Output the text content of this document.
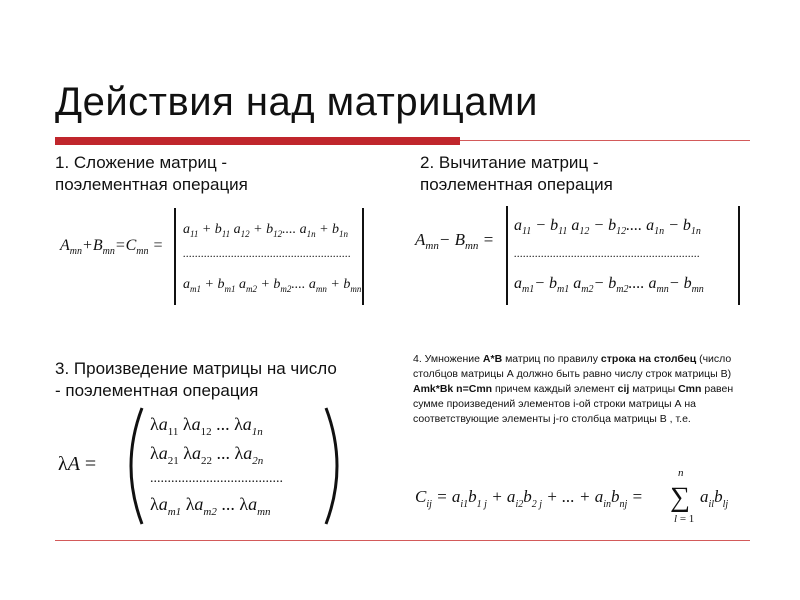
Действия над матрицами
1. Сложение матриц -
поэлементная операция
2. Вычитание матриц -
поэлементная операция
$A_{mn}+B_{mn}=C_{mn}$ =
$a_{11} + b_{11}$ $a_{12} + b_{12}$.... $a_{1n} + b_{1n}$
........................................................
$a_{m1} + b_{m1}$ $a_{m2} + b_{m2}$.... $a_{mn} + b_{mn}$
$A_{mn}- B_{mn}$ =
$a_{11} - b_{11}$ $a_{12} - b_{12}$.... $a_{1n} - b_{1n}$
..............................................................
$a_{m1}- b_{m1}$ $a_{m2}- b_{m2}$.... $a_{mn}- b_{mn}$
3. Произведение матрицы на число
- поэлементная операция
λA =
$\lambda a_{11}$ $\lambda a_{12}$ ... $\lambda a_{1n}$
$\lambda a_{21}$ $\lambda a_{22}$ ... $\lambda a_{2n}$
......................................
$\lambda a_{m1}$ $\lambda a_{m2}$ ... $\lambda a_{mn}$
4. Умножение А*В матриц по правилу строка на столбец (число столбцов матрицы А должно быть равно числу строк матрицы В)
Amk*Bk n=Cmn причем каждый элемент cij матрицы Cmn равен сумме произведений элементов i-ой строки матрицы А на соответствующие элементы j-го столбца матрицы В , т.е.
n
$C_{ij} = a_{i1}b_{1 j} + a_{i2}b_{2 j}$ + ... + $a_{in}b_{nj}$ = ∑ $a_{il}b_{lj}$
l = 1
